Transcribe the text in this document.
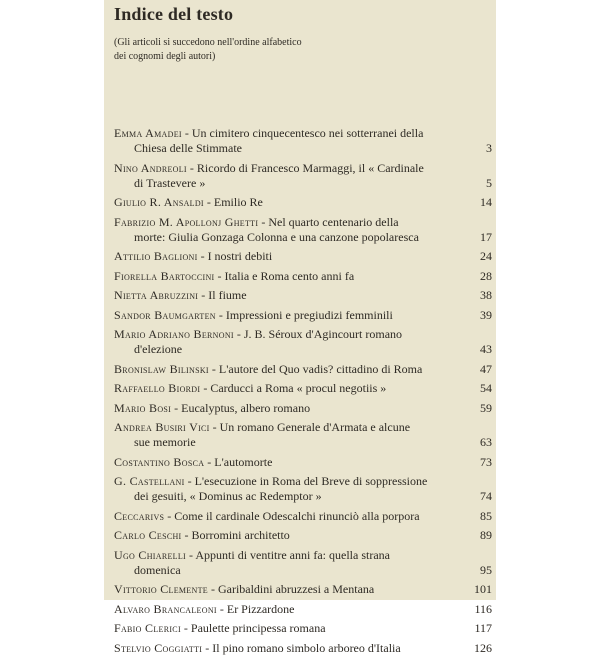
Indice del testo
(Gli articoli si succedono nell'ordine alfabetico
dei cognomi degli autori)
Emma Amadei - Un cimitero cinquecentesco nei sotterranei della
Chiesa delle Stimmate	3
Nino Andreoli - Ricordo di Francesco Marmaggi, il « Cardinale
di Trastevere »	5
Giulio R. Ansaldi - Emilio Re	14
Fabrizio M. Apollonj Ghetti - Nel quarto centenario della
morte: Giulia Gonzaga Colonna e una canzone popolaresca	17
Attilio Baglioni - I nostri debiti	24
Fiorella Bartoccini - Italia e Roma cento anni fa	28
Nietta Abruzzini - Il fiume	38
Sandor Baumgarten - Impressioni e pregiudizi femminili	39
Mario Adriano Bernoni - J. B. Séroux d'Agincourt romano
d'elezione	43
Bronislaw Bilinski - L'autore del Quo vadis? cittadino di Roma	47
Raffaello Biordi - Carducci a Roma « procul negotiis »	54
Mario Bosi - Eucalyptus, albero romano	59
Andrea Busiri Vici - Un romano Generale d'Armata e alcune
sue memorie	63
Costantino Bosca - L'automorte	73
G. Castellani - L'esecuzione in Roma del Breve di soppressione
dei gesuiti, « Dominus ac Redemptor »	74
Ceccarivs - Come il cardinale Odescalchi rinunciò alla porpora	85
Carlo Ceschi - Borromini architetto	89
Ugo Chiarelli - Appunti di ventitre anni fa: quella strana
domenica	95
Vittorio Clemente - Garibaldini abruzzesi a Mentana	101
Alvaro Brancaleoni - Er Pizzardone	116
Fabio Clerici - Paulette principessa romana	117
Stelvio Coggiatti - Il pino romano simbolo arboreo d'Italia	126
